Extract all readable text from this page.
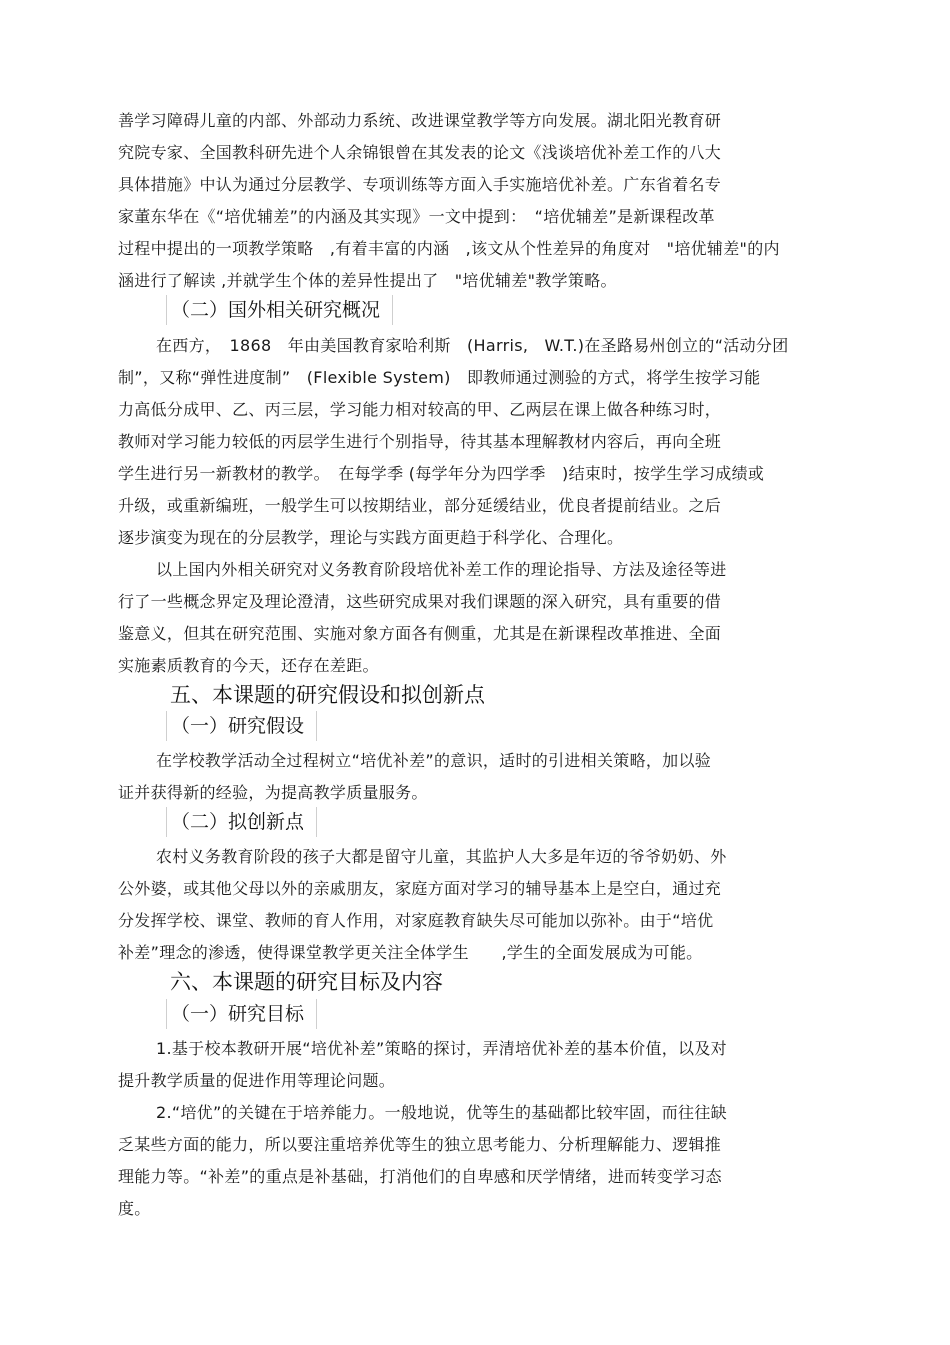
善学习障碍儿童的内部、外部动力系统、改进课堂教学等方向发展。湖北阳光教育研
究院专家、全国教科研先进个人余锦银曾在其发表的论文《浅谈培优补差工作的八大
具体措施》中认为通过分层教学、专项训练等方面入手实施培优补差。广东省着名专
家董东华在《“培优辅差”的内涵及其实现》一文中提到：　“培优辅差”是新课程改革
过程中提出的一项教学策略　,有着丰富的内涵　,该文从个性差异的角度对　"培优辅差"的内
涵进行了解读 ,并就学生个体的差异性提出了　"培优辅差"教学策略。
（二）国外相关研究概况
在西方，　1868　年由美国教育家哈利斯　(Harris,　W.T.)在圣路易州创立的“活动分团
制”，又称“弹性进度制”　(Flexible System)　即教师通过测验的方式，将学生按学习能
力高低分成甲、乙、丙三层，学习能力相对较高的甲、乙两层在课上做各种练习时，
教师对学习能力较低的丙层学生进行个别指导，待其基本理解教材内容后，再向全班
学生进行另一新教材的教学。　在每学季 (每学年分为四学季　)结束时，按学生学习成绩或
升级，或重新编班，一般学生可以按期结业，部分延缓结业，优良者提前结业。之后
逐步演变为现在的分层教学，理论与实践方面更趋于科学化、合理化。
以上国内外相关研究对义务教育阶段培优补差工作的理论指导、方法及途径等进
行了一些概念界定及理论澄清，这些研究成果对我们课题的深入研究，具有重要的借
鉴意义，但其在研究范围、实施对象方面各有侧重，尤其是在新课程改革推进、全面
实施素质教育的今天，还存在差距。
五、本课题的研究假设和拟创新点
（一）研究假设
在学校教学活动全过程树立“培优补差”的意识，适时的引进相关策略，加以验
证并获得新的经验，为提高教学质量服务。
（二）拟创新点
农村义务教育阶段的孩子大都是留守儿童，其监护人大多是年迈的爷爷奶奶、外
公外婆，或其他父母以外的亲戚朋友，家庭方面对学习的辅导基本上是空白，通过充
分发挥学校、课堂、教师的育人作用，对家庭教育缺失尽可能加以弥补。由于“培优
补差”理念的渗透，使得课堂教学更关注全体学生　　,学生的全面发展成为可能。
六、本课题的研究目标及内容
（一）研究目标
1.基于校本教研开展“培优补差”策略的探讨，弄清培优补差的基本价值，以及对
提升教学质量的促进作用等理论问题。
2.“培优”的关键在于培养能力。一般地说，优等生的基础都比较牢固，而往往缺
乏某些方面的能力，所以要注重培养优等生的独立思考能力、分析理解能力、逻辑推
理能力等。“补差”的重点是补基础，打消他们的自卑感和厌学情绪，进而转变学习态
度。
